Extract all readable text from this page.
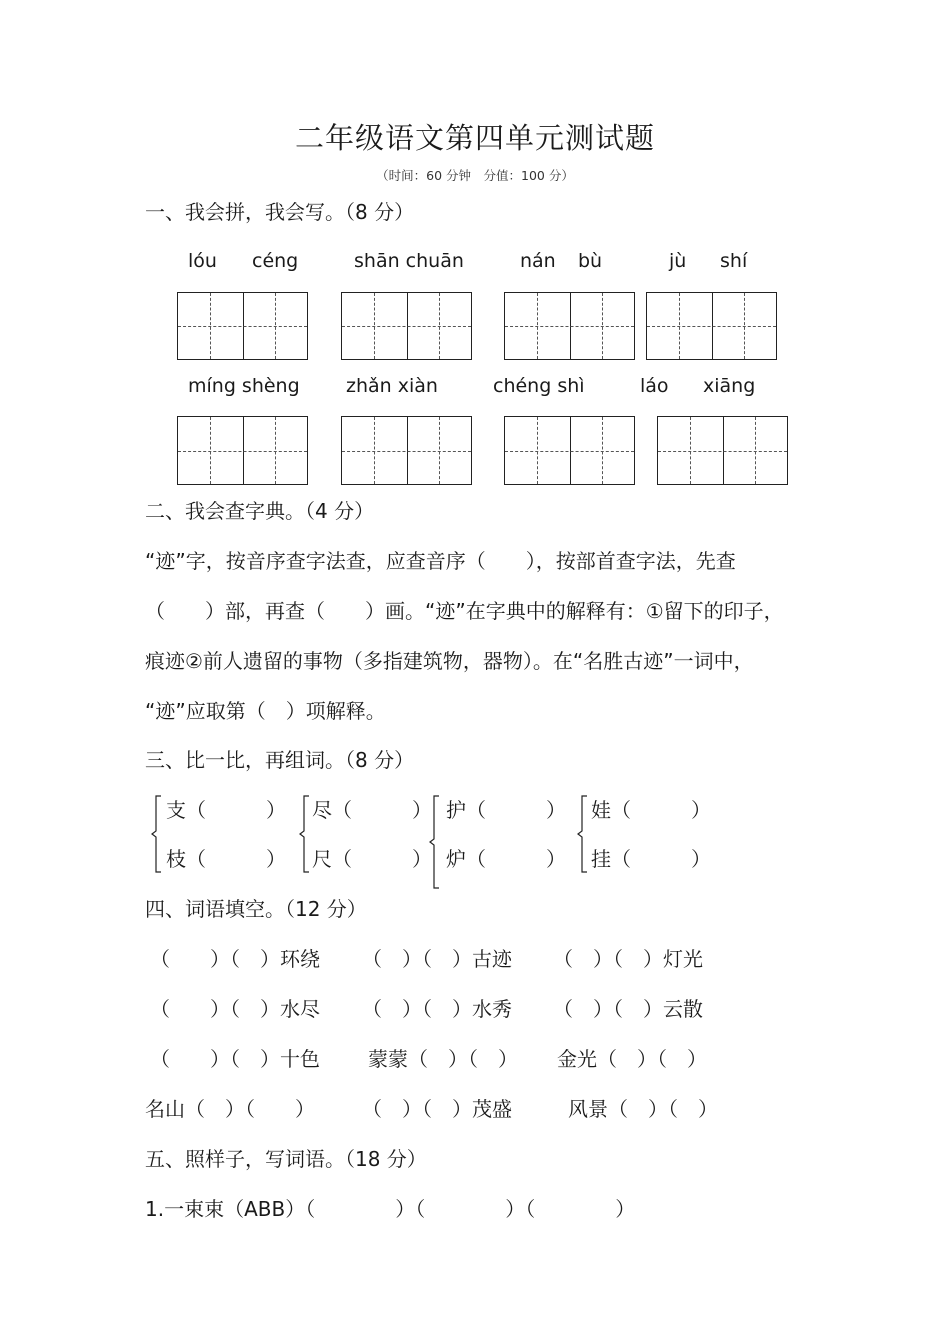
二年级语文第四单元测试题
（时间：60 分钟　分值：100 分）
一、我会拼，我会写。（8 分）
lóu céng	shān chuān	nán bù	jù shí
míng shèng zhǎn xiàn	chéng shì	láo xiāng
二、我会查字典。（4 分）
“迹”字，按音序查字法查，应查音序（　　），按部首查字法，先查
（　　）部，再查（　　）画。“迹”在字典中的解释有：①留下的印子，
痕迹②前人遗留的事物（多指建筑物，器物）。在“名胜古迹”一词中，
“迹”应取第（　）项解释。
三、比一比，再组词。（8 分）
支（　　　）
枝（　　　）
尽（　　　）
尺（　　　）
护（　　　）
炉（　　　）
娃（　　　）
挂（　　　）
四、词语填空。（12 分）
（　　）（　）环绕 （　）（　）古迹 （　）（　）灯光
（　　）（　）水尽 （　）（　）水秀 （　）（　）云散
（　　）（　）十色 蒙蒙（　）（　） 金光（　）（　）
名山（　）（　　） （　）（　）茂盛	风景（　）（　）
五、照样子，写词语。（18 分）
1.一束束（ABB）（　　　　）（　　　　）（　　　　）
